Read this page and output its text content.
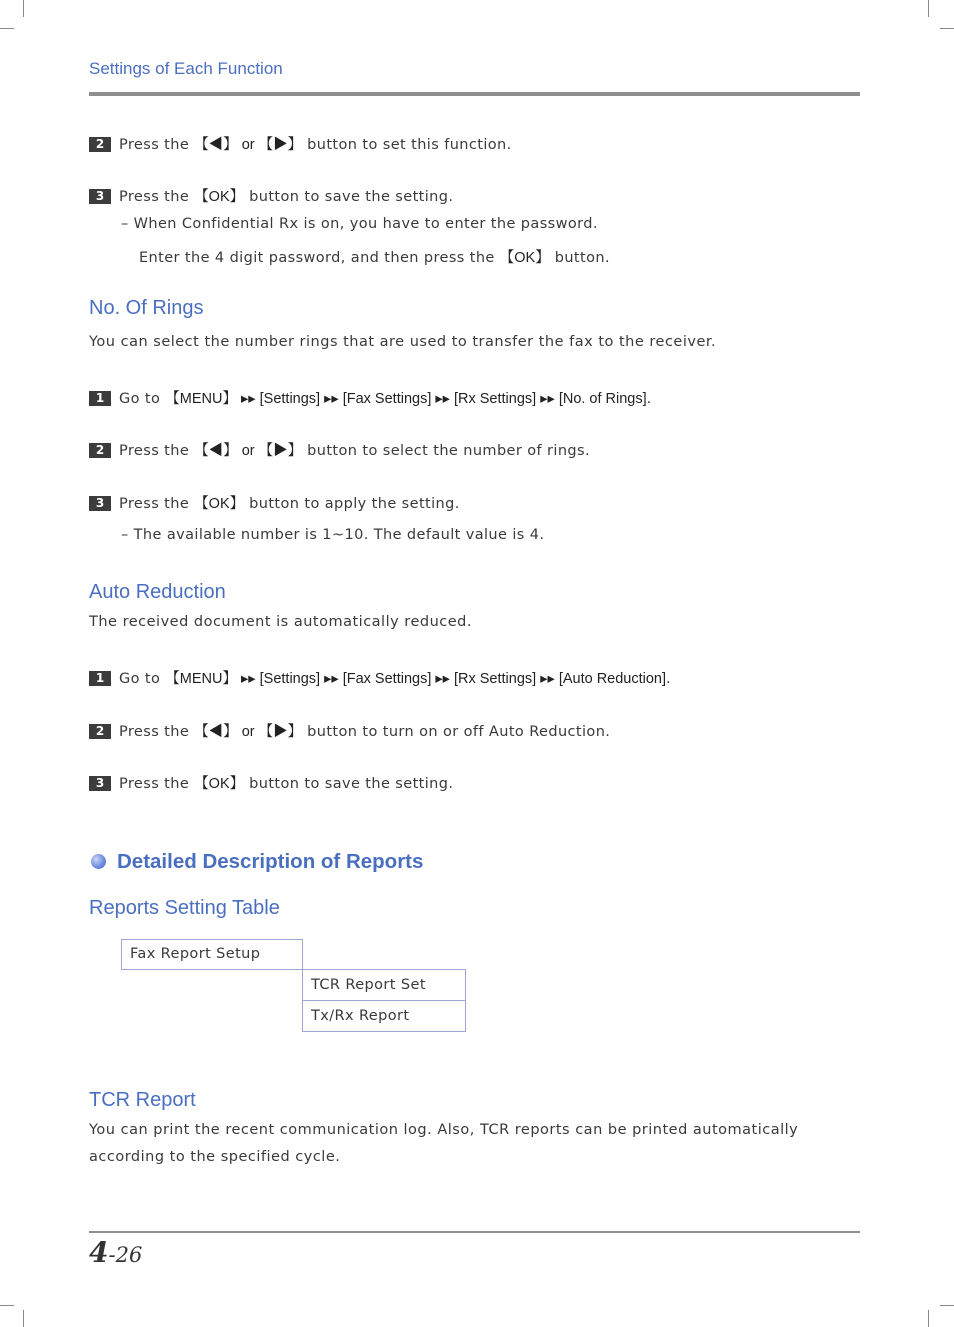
Settings of Each Function
2 Press the 【◀】 or 【▶】 button to set this function.
3 Press the 【OK】 button to save the setting.
– When Confidential Rx is on, you have to enter the password.
Enter the 4 digit password, and then press the 【OK】 button.
No. Of Rings
You can select the number rings that are used to transfer the fax to the receiver.
1 Go to 【MENU】 ▸▸ [Settings] ▸▸ [Fax Settings] ▸▸ [Rx Settings] ▸▸ [No. of Rings].
2 Press the 【◀】 or 【▶】 button to select the number of rings.
3 Press the 【OK】 button to apply the setting.
– The available number is 1~10. The default value is 4.
Auto Reduction
The received document is automatically reduced.
1 Go to 【MENU】 ▸▸ [Settings] ▸▸ [Fax Settings] ▸▸ [Rx Settings] ▸▸ [Auto Reduction].
2 Press the 【◀】 or 【▶】 button to turn on or off Auto Reduction.
3 Press the 【OK】 button to save the setting.
Detailed Description of Reports
Reports Setting Table
Fax Report Setup
TCR Report Set
Tx/Rx Report
TCR Report
You can print the recent communication log. Also, TCR reports can be printed automatically
according to the specified cycle.
4-26
